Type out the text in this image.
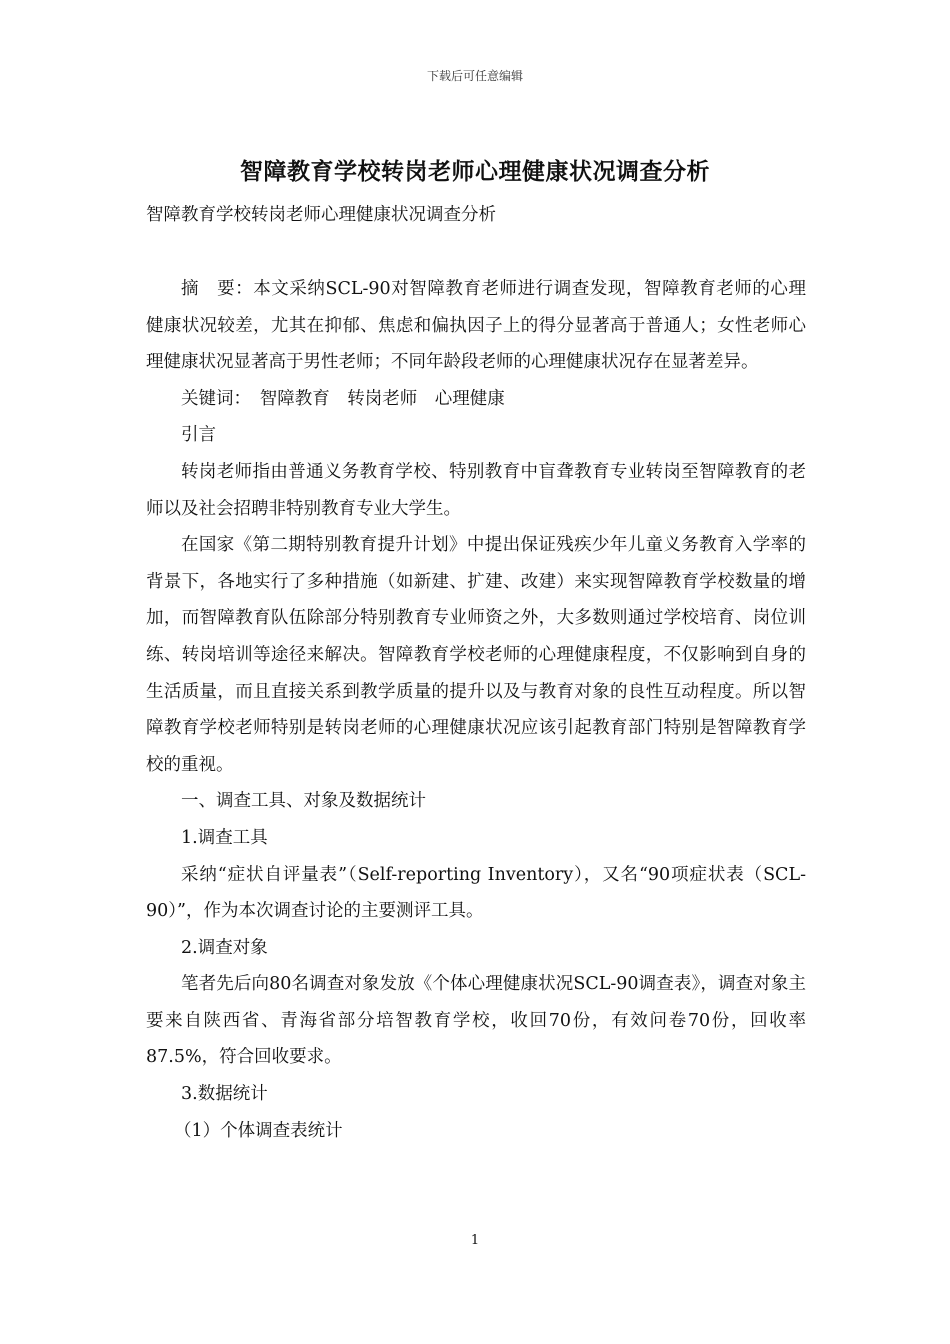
下载后可任意编辑
智障教育学校转岗老师心理健康状况调查分析
智障教育学校转岗老师心理健康状况调查分析

摘　要：本文采纳SCL-90对智障教育老师进行调查发现，智障教育老师的心理健康状况较差，尤其在抑郁、焦虑和偏执因子上的得分显著高于普通人；女性老师心理健康状况显著高于男性老师；不同年龄段老师的心理健康状况存在显著差异。

关键词：　智障教育　转岗老师　心理健康

引言

转岗老师指由普通义务教育学校、特别教育中盲聋教育专业转岗至智障教育的老师以及社会招聘非特别教育专业大学生。

在国家《第二期特别教育提升计划》中提出保证残疾少年儿童义务教育入学率的背景下，各地实行了多种措施（如新建、扩建、改建）来实现智障教育学校数量的增加，而智障教育队伍除部分特别教育专业师资之外，大多数则通过学校培育、岗位训练、转岗培训等途径来解决。智障教育学校老师的心理健康程度，不仅影响到自身的生活质量，而且直接关系到教学质量的提升以及与教育对象的良性互动程度。所以智障教育学校老师特别是转岗老师的心理健康状况应该引起教育部门特别是智障教育学校的重视。

一、调查工具、对象及数据统计

1.调查工具

采纳“症状自评量表”（Self-reporting Inventory），又名“90项症状表（SCL-90）”，作为本次调查讨论的主要测评工具。

2.调查对象

笔者先后向80名调查对象发放《个体心理健康状况SCL-90调查表》，调查对象主要来自陕西省、青海省部分培智教育学校，收回70份，有效问卷70份，回收率87.5%，符合回收要求。

3.数据统计

（1）个体调查表统计

1
